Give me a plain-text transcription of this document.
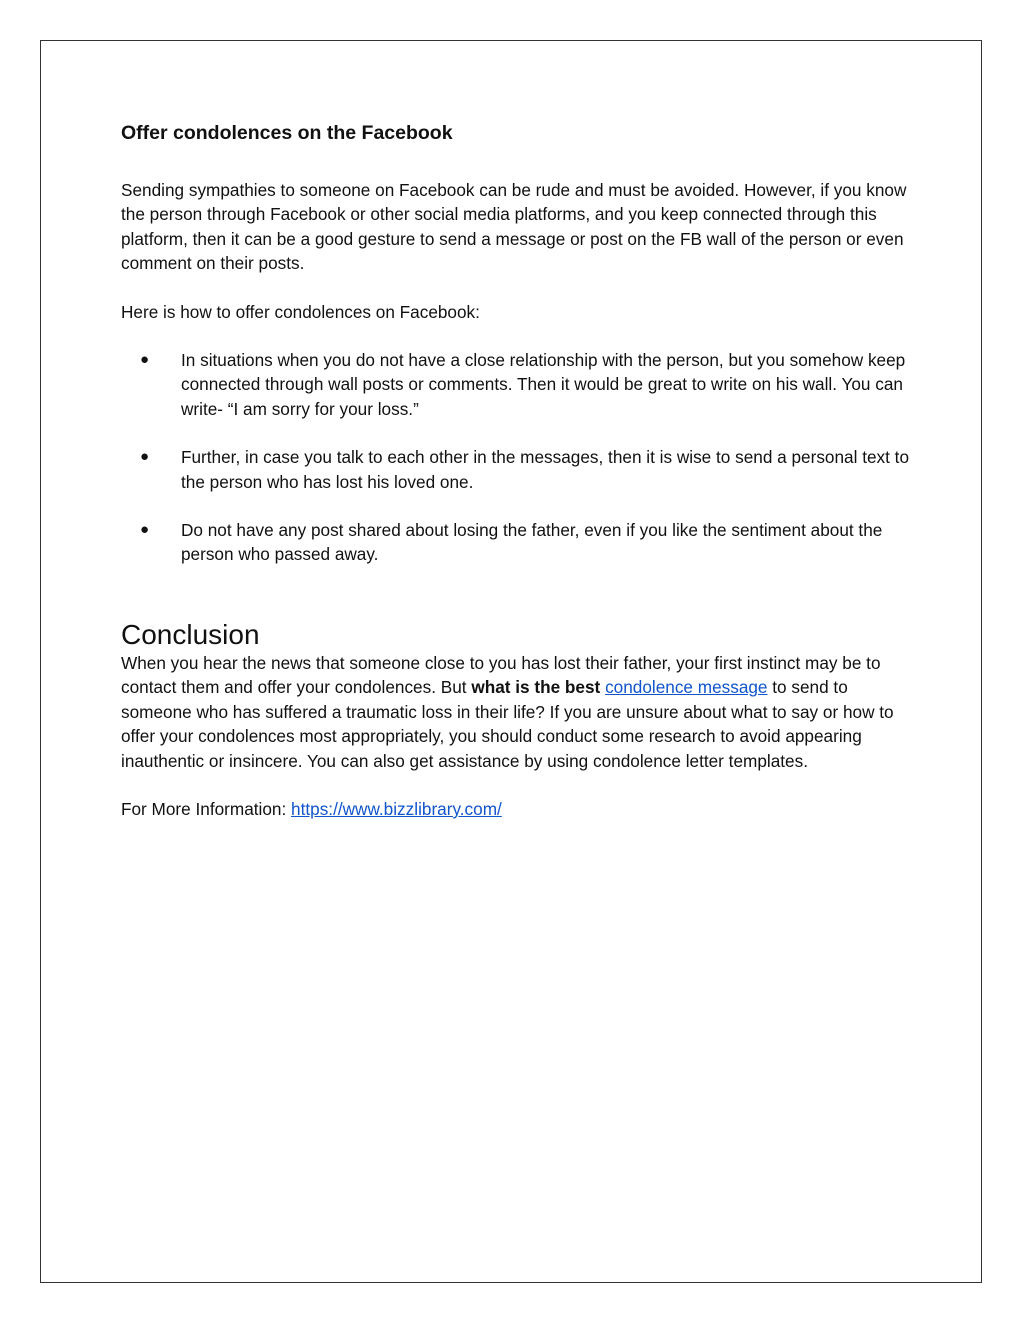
Offer condolences on the Facebook

Sending sympathies to someone on Facebook can be rude and must be avoided. However, if you know the person through Facebook or other social media platforms, and you keep connected through this platform, then it can be a good gesture to send a message or post on the FB wall of the person or even comment on their posts.

Here is how to offer condolences on Facebook:

● In situations when you do not have a close relationship with the person, but you somehow keep connected through wall posts or comments. Then it would be great to write on his wall. You can write- “I am sorry for your loss.”
● Further, in case you talk to each other in the messages, then it is wise to send a personal text to the person who has lost his loved one.
● Do not have any post shared about losing the father, even if you like the sentiment about the person who passed away.
Conclusion

When you hear the news that someone close to you has lost their father, your first instinct may be to contact them and offer your condolences. But what is the best condolence message to send to someone who has suffered a traumatic loss in their life? If you are unsure about what to say or how to offer your condolences most appropriately, you should conduct some research to avoid appearing inauthentic or insincere. You can also get assistance by using condolence letter templates.

For More Information: https://www.bizzlibrary.com/
